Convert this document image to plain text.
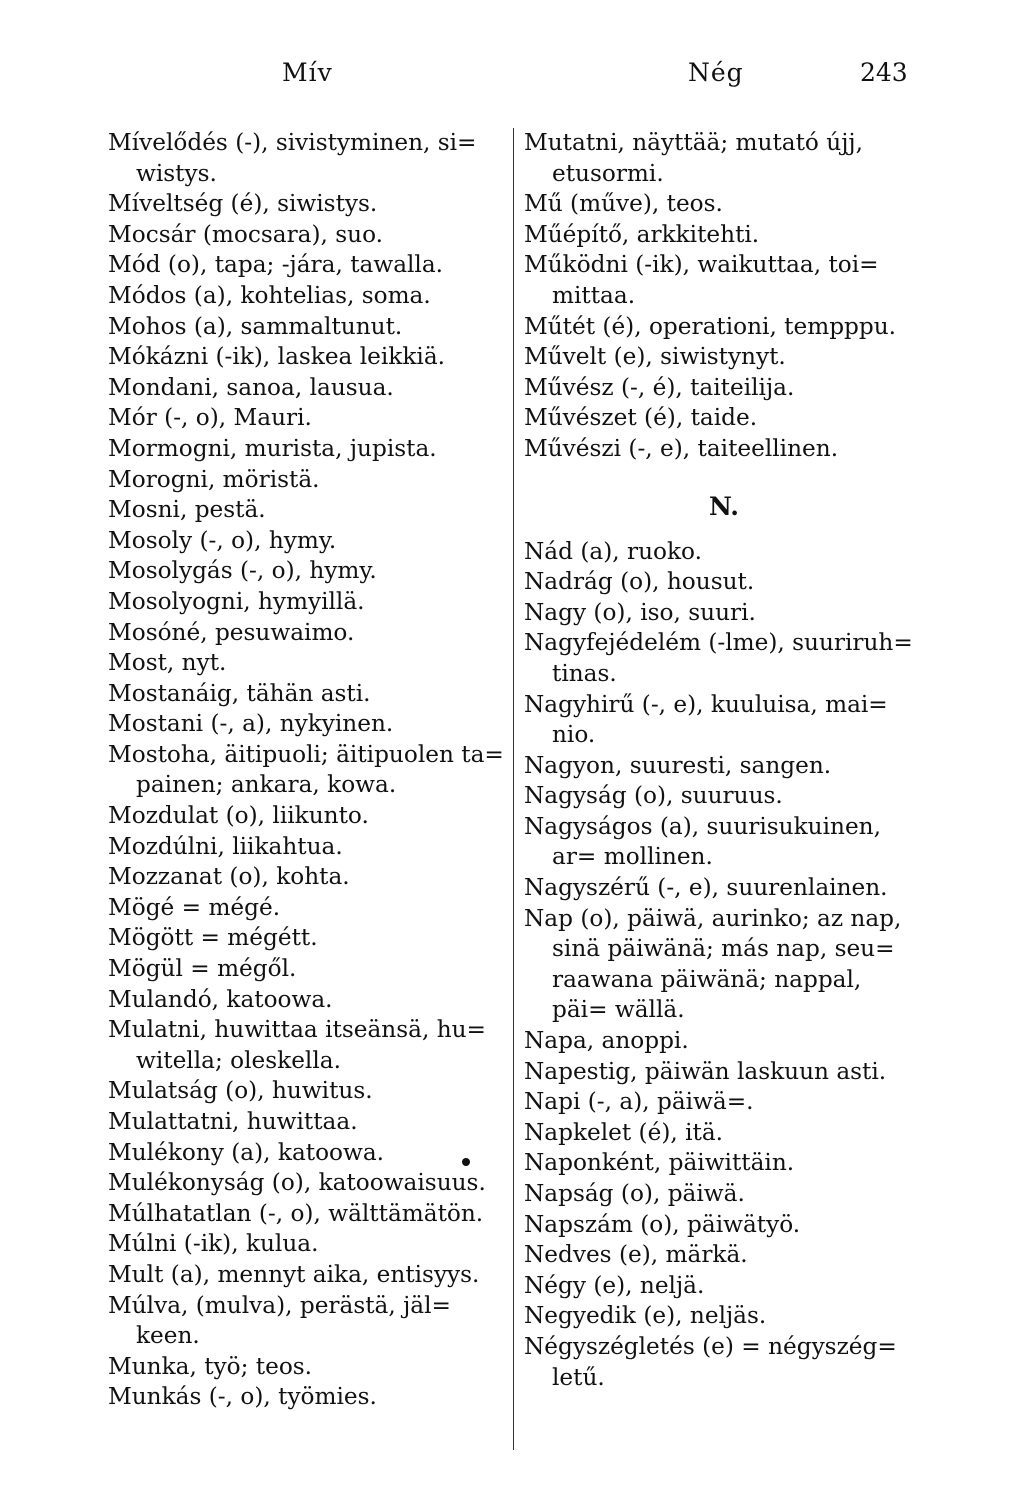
Mív	Nég	243
Mívelődés (-), sivistyminen, si= wistys.
Míveltség (é), siwistys.
Mocsár (mocsara), suo.
Mód (o), tapa; -jára, tawalla.
Módos (a), kohtelias, soma.
Mohos (a), sammaltunut.
Mókázni (-ik), laskea leikkiä.
Mondani, sanoa, lausua.
Mór (-, o), Mauri.
Mormogni, murista, jupista.
Morogni, möristä.
Mosni, pestä.
Mosoly (-, o), hymy.
Mosolygás (-, o), hymy.
Mosolyogni, hymyillä.
Mosóné, pesuwaimo.
Most, nyt.
Mostanáig, tähän asti.
Mostani (-, a), nykyinen.
Mostoha, äitipuoli; äitipuolen ta= painen; ankara, kowa.
Mozdulat (o), liikunto.
Mozdúlni, liikahtua.
Mozzanat (o), kohta.
Mögé = mégé.
Mögött = mégétt.
Mögül = mégől.
Mulandó, katoowa.
Mulatni, huwittaa itseänsä, hu= witella; oleskella.
Mulatság (o), huwitus.
Mulattatni, huwittaa.
Mulékony (a), katoowa.
Mulékonyság (o), katoowaisuus.
Múlhatatlan (-, o), wälttämätön.
Múlni (-ik), kulua.
Mult (a), mennyt aika, entisyys.
Múlva, (mulva), perästä, jäl= keen.
Munka, työ; teos.
Munkás (-, o), työmies.
Mutatni, näyttää; mutató újj, etusormi.
Mű (műve), teos.
Műépítő, arkkitehti.
Működni (-ik), waikuttaa, toi= mittaa.
Műtét (é), operationi, tempppu.
Művelt (e), siwistynyt.
Művész (-, é), taiteilija.
Művészet (é), taide.
Művészi (-, e), taiteellinen.
N.
Nád (a), ruoko.
Nadrág (o), housut.
Nagy (o), iso, suuri.
Nagyfejédelém (-lme), suuriruh= tinas.
Nagyhirű (-, e), kuuluisa, mai= nio.
Nagyon, suuresti, sangen.
Nagyság (o), suuruus.
Nagyságos (a), suurisukuinen, ar= mollinen.
Nagyszérű (-, e), suurenlainen.
Nap (o), päiwä, aurinko; az nap, sinä päiwänä; más nap, seu= raawana päiwänä; nappal, päi= wällä.
Napa, anoppi.
Napestig, päiwän laskuun asti.
Napi (-, a), päiwä=.
Napkelet (é), itä.
Naponként, päiwittäin.
Napság (o), päiwä.
Napszám (o), päiwätyö.
Nedves (e), märkä.
Négy (e), neljä.
Negyedik (e), neljäs.
Négyszégletés (e) = négyszég= letű.
